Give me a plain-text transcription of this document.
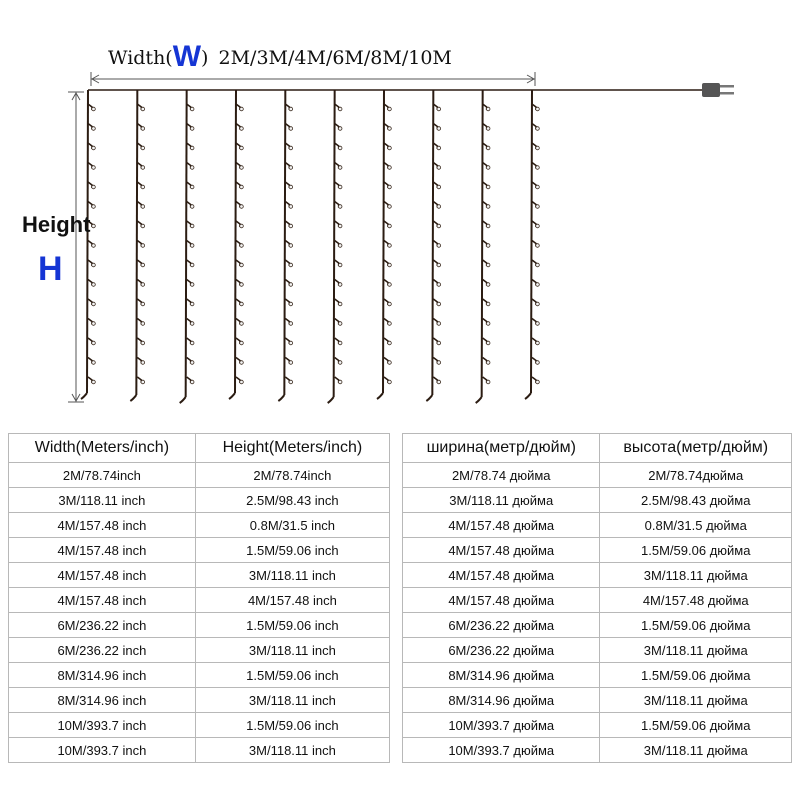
Width(W) 2M/3M/4M/6M/8M/10M
Height
H
Width(Meters/inch)	Height(Meters/inch)
2M/78.74inch	2M/78.74inch
3M/118.11 inch	2.5M/98.43 inch
4M/157.48 inch	0.8M/31.5 inch
4M/157.48 inch	1.5M/59.06 inch
4M/157.48 inch	3M/118.11 inch
4M/157.48 inch	4M/157.48 inch
6M/236.22 inch	1.5M/59.06 inch
6M/236.22 inch	3M/118.11 inch
8M/314.96 inch	1.5M/59.06 inch
8M/314.96 inch	3M/118.11 inch
10M/393.7 inch	1.5M/59.06 inch
10M/393.7 inch	3M/118.11 inch
ширина(метр/дюйм)	высота(метр/дюйм)
2M/78.74 дюйма	2M/78.74дюйма
3M/118.11 дюйма	2.5M/98.43 дюйма
4M/157.48 дюйма	0.8M/31.5 дюйма
4M/157.48 дюйма	1.5M/59.06 дюйма
4M/157.48 дюйма	3M/118.11 дюйма
4M/157.48 дюйма	4M/157.48 дюйма
6M/236.22 дюйма	1.5M/59.06 дюйма
6M/236.22 дюйма	3M/118.11 дюйма
8M/314.96 дюйма	1.5M/59.06 дюйма
8M/314.96 дюйма	3M/118.11 дюйма
10M/393.7 дюйма	1.5M/59.06 дюйма
10M/393.7 дюйма	3M/118.11 дюйма
